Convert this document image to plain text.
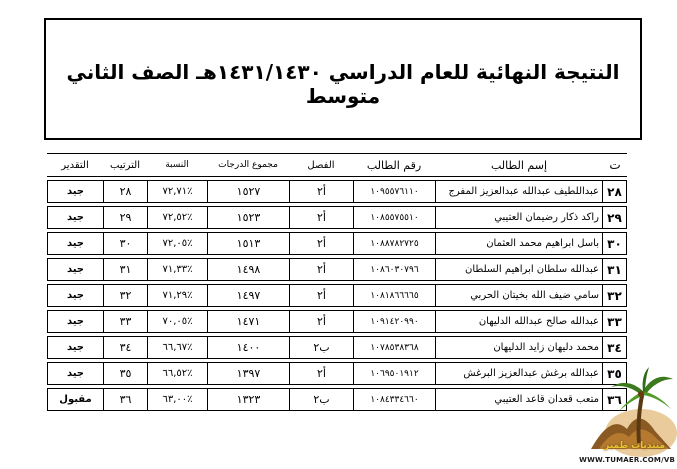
النتيجة النهائية للعام الدراسي ١٤٣١/١٤٣٠هـ الصف الثاني متوسط
ت	إسم الطالب	رقم الطالب	الفصل	مجموع الدرجات	النسبة	الترتيب	التقدير
٢٨	عبداللطيف عبدالله عبدالعزيز المفرج	١٠٩٥٥٧٦١١٠	أ٢	١٥٢٧	٪٧٢,٧١	٢٨	جيد
٢٩	راكد ذكار رضيمان العتيبي	١٠٨٥٥٧٥٥١٠	أ٢	١٥٢٣	٪٧٢,٥٢	٢٩	جيد
٣٠	باسل ابراهيم محمد العثمان	١٠٨٨٧٨٢٧٢٥	أ٢	١٥١٣	٪٧٢,٠٥	٣٠	جيد
٣١	عبدالله سلطان ابراهيم السلطان	١٠٨٦٠٣٠٧٩٦	أ٢	١٤٩٨	٪٧١,٣٣	٣١	جيد
٣٢	سامي ضيف الله بخيتان الحربي	١٠٨١٨٦٦٦٦٥	أ٢	١٤٩٧	٪٧١,٢٩	٣٢	جيد
٣٣	عبدالله صالح عبدالله الدليهان	١٠٩١٤٢٠٩٩٠	أ٢	١٤٧١	٪٧٠,٠٥	٣٣	جيد
٣٤	محمد دليهان زايد الدليهان	١٠٧٨٥٣٨٣٦٨	ب٢	١٤٠٠	٪٦٦,٦٧	٣٤	جيد
٣٥	عبدالله برغش عبدالعزيز البرغش	١٠٦٩٥٠١٩١٢	أ٢	١٣٩٧	٪٦٦,٥٢	٣٥	جيد
٣٦	متعب قعدان قاعد العتيبي	١٠٨٤٣٣٤٦٦٠	ب٢	١٣٢٣	٪٦٣,٠٠	٣٦	مقبول
منتديات طمير
WWW.TUMAER.COM/VB
